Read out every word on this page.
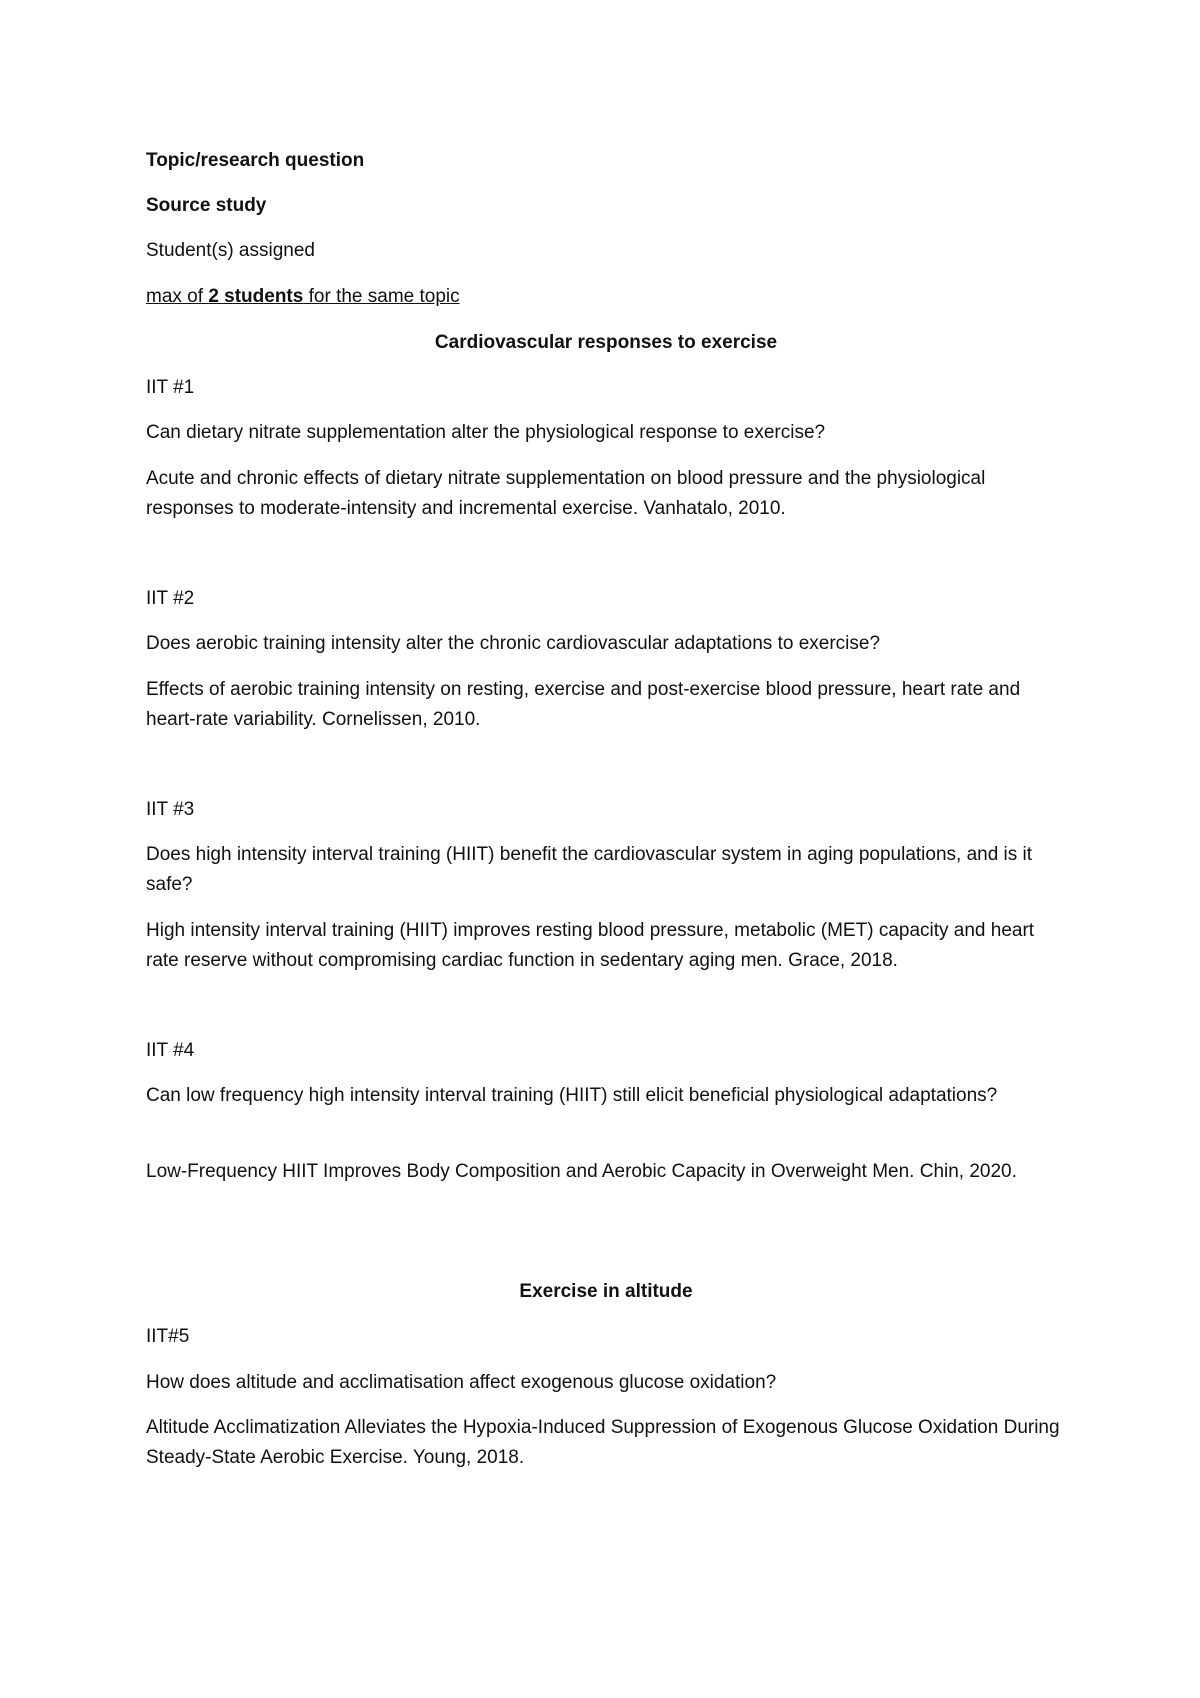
Topic/research question

Source study

Student(s) assigned

max of 2 students for the same topic

Cardiovascular responses to exercise

IIT #1

Can dietary nitrate supplementation alter the physiological response to exercise?

Acute and chronic effects of dietary nitrate supplementation on blood pressure and the physiological responses to moderate-intensity and incremental exercise. Vanhatalo, 2010.

IIT #2

Does aerobic training intensity alter the chronic cardiovascular adaptations to exercise?

Effects of aerobic training intensity on resting, exercise and post-exercise blood pressure, heart rate and heart-rate variability. Cornelissen, 2010.

IIT #3

Does high intensity interval training (HIIT) benefit the cardiovascular system in aging populations, and is it safe?

High intensity interval training (HIIT) improves resting blood pressure, metabolic (MET) capacity and heart rate reserve without compromising cardiac function in sedentary aging men. Grace, 2018.

IIT #4

Can low frequency high intensity interval training (HIIT) still elicit beneficial physiological adaptations?

Low-Frequency HIIT Improves Body Composition and Aerobic Capacity in Overweight Men. Chin, 2020.

Exercise in altitude

IIT#5

How does altitude and acclimatisation affect exogenous glucose oxidation?

Altitude Acclimatization Alleviates the Hypoxia-Induced Suppression of Exogenous Glucose Oxidation During Steady-State Aerobic Exercise. Young, 2018.
